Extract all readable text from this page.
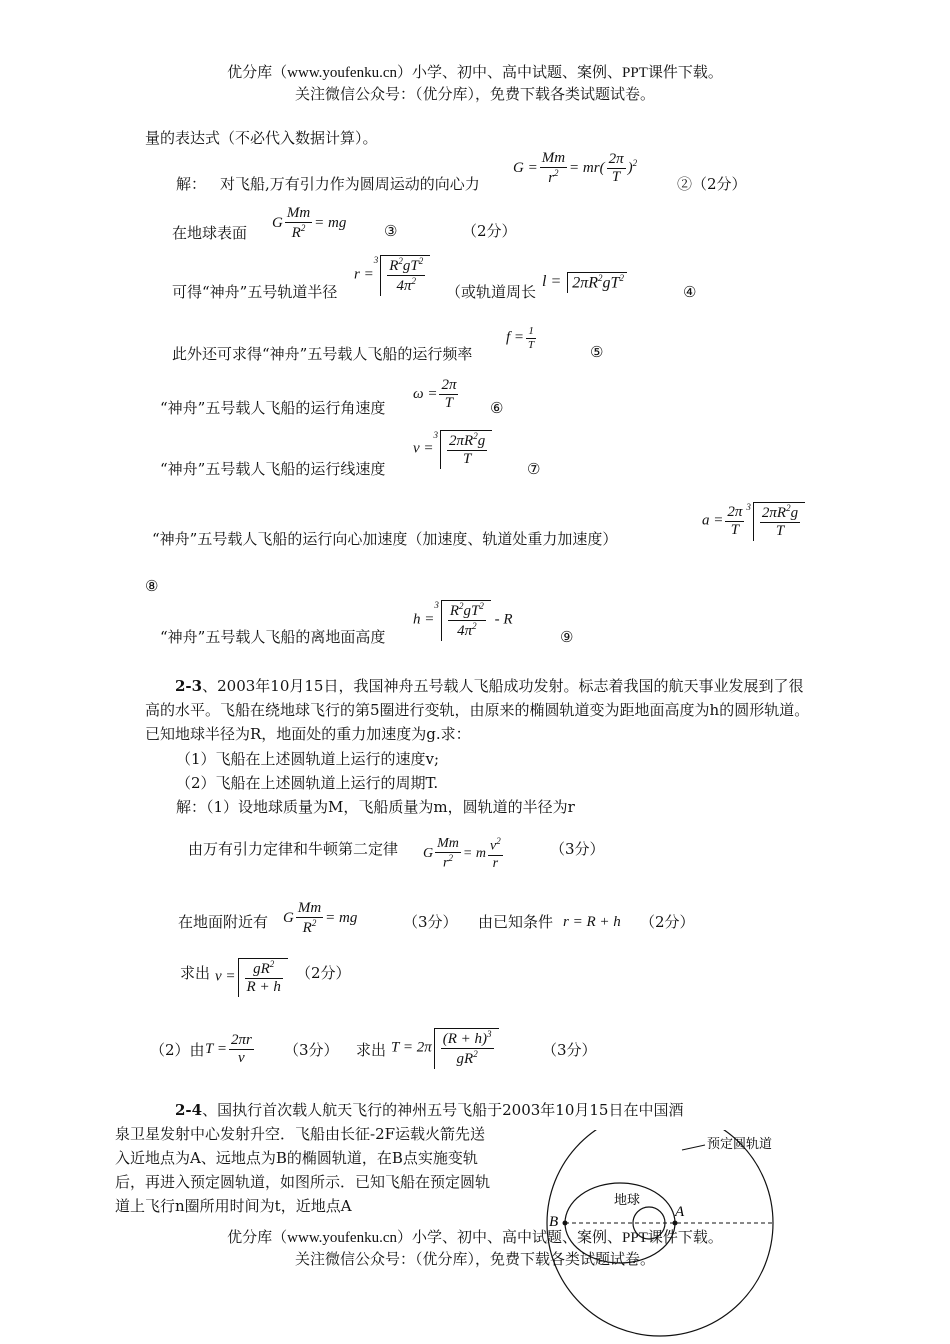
优分库（www.youfenku.cn）小学、初中、高中试题、案例、PPT课件下载。
关注微信公众号：（优分库），免费下载各类试题试卷。
量的表达式（不必代入数据计算）。
解： 对飞船,万有引力作为圆周运动的向心力
$G = \frac{Mm}{r^2} = mr( \frac{2\pi}{T} )^2$
②（2分）
在地球表面
G $\frac{Mm}{R^2}$ = mg	③	（2分）
可得“神舟”五号轨道半径
$r =^3 \frac{R^2gT^2}{4\pi^2}$ （或轨道周长
$l = 2\pi R^2gT^2$
④
此外还可求得“神舟”五号载人飞船的运行频率
$f = \frac{1}{T}$
⑤
“神舟”五号载人飞船的运行角速度
$\omega = \frac{2\pi}{T}$ ⑥
“神舟”五号载人飞船的运行线速度
$v =^3 \frac{2\pi R^2g}{T}$
⑦
“神舟”五号载人飞船的运行向心加速度（加速度、轨道处重力加速度）
$a = \frac{2\pi}{T} ^3 \frac{2\pi R^2g}{T}$
⑧
“神舟”五号载人飞船的离地面高度
$h =^3 \frac{R^2gT^2}{4\pi^2} - R$
⑨
2-3、2003年10月15日，我国神舟五号载人飞船成功发射。标志着我国的航天事业发展到了很高的水平。飞船在绕地球飞行的第5圈进行变轨，由原来的椭圆轨道变为距地面高度为h的圆形轨道。已知地球半径为R，地面处的重力加速度为g.求：
（1）飞船在上述圆轨道上运行的速度v;
（2）飞船在上述圆轨道上运行的周期T.
解：（1）设地球质量为M，飞船质量为m，圆轨道的半径为r
由万有引力定律和牛顿第二定律 G $\frac{Mm}{r^2} = m \frac{v^2}{r}$	（3分）
在地面附近有 G $\frac{Mm}{R^2}$ = mg	（3分） 由已知条件 r = R + h （2分）
求出 $v = \frac{gR^2}{R + h} (2$分）
（2）由 $T = \frac{2\pi r}{v} (3$分） 求出 $T = 2\pi \frac{(R + h)^3}{gR^2}$	（3分）
2-4、国执行首次载人航天飞行的神州五号飞船于2003年10月15日在中国酒
泉卫星发射中心发射升空．飞船由长征-2F运载火箭先送入近地点为A、远地点为B的椭圆轨道，在B点实施变轨后，再进入预定圆轨道，如图所示．已知飞船在预定圆轨道上飞行n圈所用时间为t，近地点A
预定圆轨道
地球
B
A
优分库（www.youfenku.cn）小学、初中、高中试题、案例、PPT课件下载。
关注微信公众号：（优分库），免费下载各类试题试卷。
